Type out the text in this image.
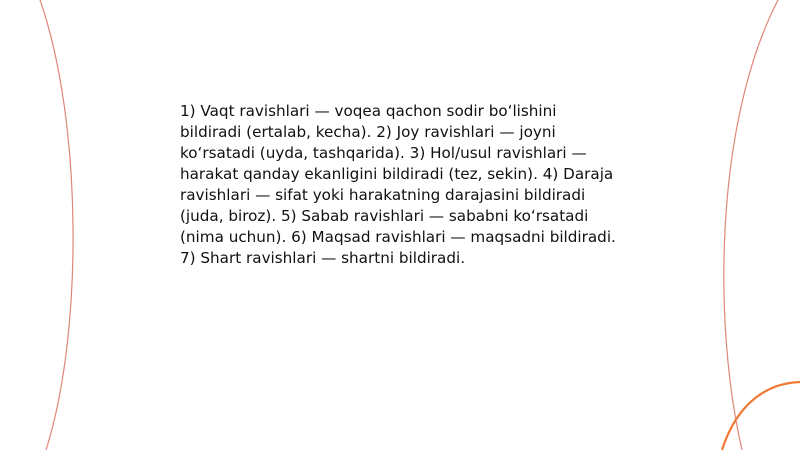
1) Vaqt ravishlari — voqea qachon sodir boʻlishini bildiradi (ertalab, kecha). 2) Joy ravishlari — joyni koʻrsatadi (uyda, tashqarida). 3) Hol/usul ravishlari — harakat qanday ekanligini bildiradi (tez, sekin). 4) Daraja ravishlari — sifat yoki harakatning darajasini bildiradi (juda, biroz). 5) Sabab ravishlari — sababni koʻrsatadi (nima uchun). 6) Maqsad ravishlari — maqsadni bildiradi. 7) Shart ravishlari — shartni bildiradi.
